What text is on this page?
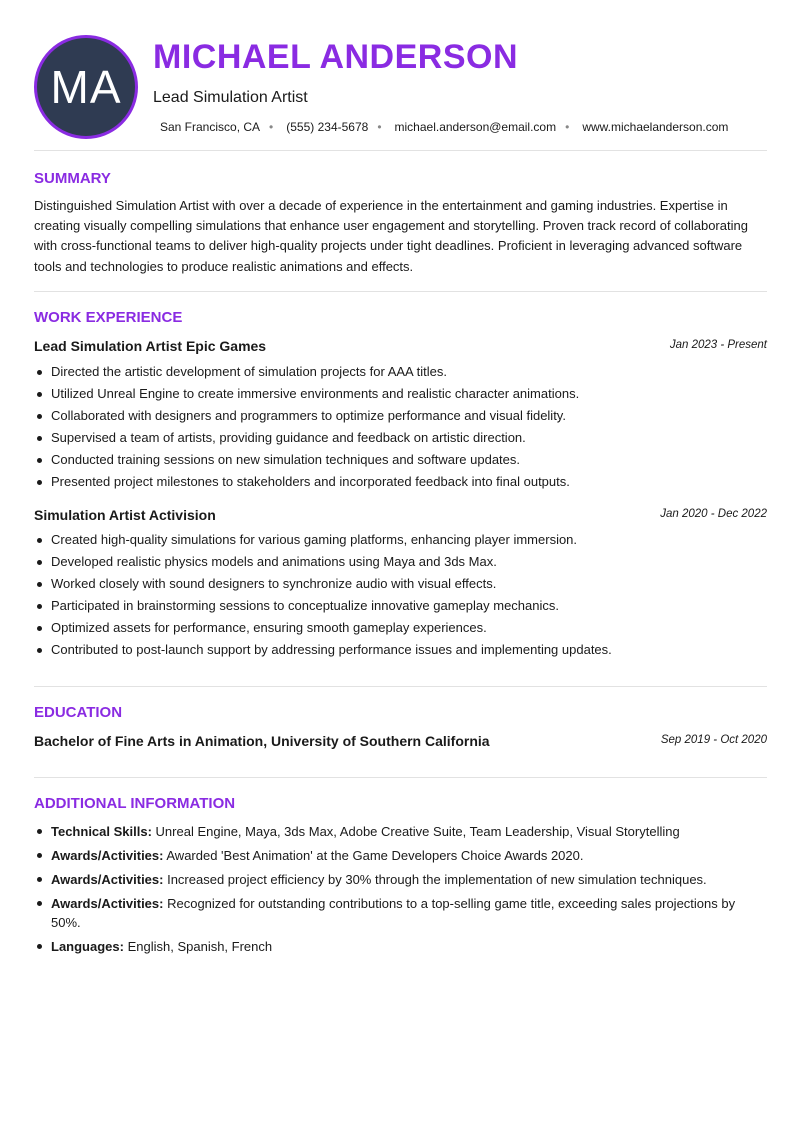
MA
MICHAEL ANDERSON
Lead Simulation Artist
San Francisco, CA • (555) 234-5678 • michael.anderson@email.com • www.michaelanderson.com
SUMMARY

Distinguished Simulation Artist with over a decade of experience in the entertainment and gaming industries. Expertise in creating visually compelling simulations that enhance user engagement and storytelling. Proven track record of collaborating with cross-functional teams to deliver high-quality projects under tight deadlines. Proficient in leveraging advanced software tools and technologies to produce realistic animations and effects.

WORK EXPERIENCE
Lead Simulation Artist Epic Games	Jan 2023 - Present
Directed the artistic development of simulation projects for AAA titles.
Utilized Unreal Engine to create immersive environments and realistic character animations.
Collaborated with designers and programmers to optimize performance and visual fidelity.
Supervised a team of artists, providing guidance and feedback on artistic direction.
Conducted training sessions on new simulation techniques and software updates.
Presented project milestones to stakeholders and incorporated feedback into final outputs.
Simulation Artist Activision	Jan 2020 - Dec 2022
Created high-quality simulations for various gaming platforms, enhancing player immersion.
Developed realistic physics models and animations using Maya and 3ds Max.
Worked closely with sound designers to synchronize audio with visual effects.
Participated in brainstorming sessions to conceptualize innovative gameplay mechanics.
Optimized assets for performance, ensuring smooth gameplay experiences.
Contributed to post-launch support by addressing performance issues and implementing updates.
EDUCATION
Bachelor of Fine Arts in Animation, University of Southern California	Sep 2019 - Oct 2020
ADDITIONAL INFORMATION
Technical Skills: Unreal Engine, Maya, 3ds Max, Adobe Creative Suite, Team Leadership, Visual Storytelling
Awards/Activities: Awarded 'Best Animation' at the Game Developers Choice Awards 2020.
Awards/Activities: Increased project efficiency by 30% through the implementation of new simulation techniques.
Awards/Activities: Recognized for outstanding contributions to a top-selling game title, exceeding sales projections by 50%.
Languages: English, Spanish, French
